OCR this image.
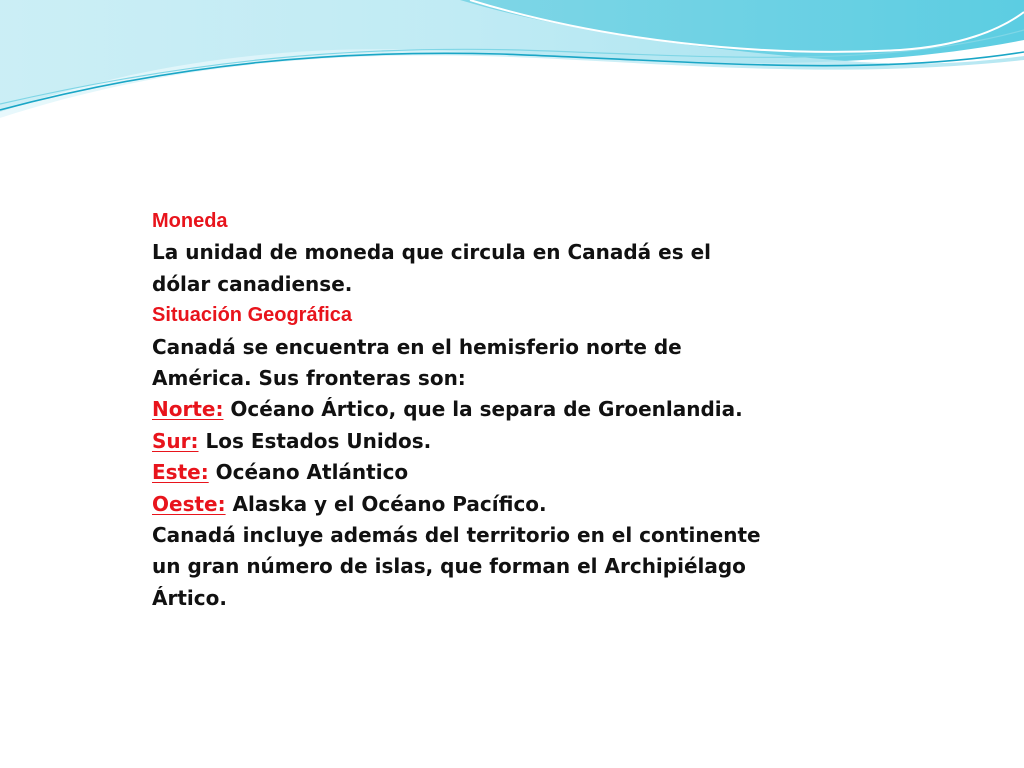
Moneda
La unidad de moneda que circula en Canadá es el
dólar canadiense.
Situación Geográfica
Canadá se encuentra en el hemisferio norte de
América. Sus fronteras son:
Norte: Océano Ártico, que la separa de Groenlandia.
Sur: Los Estados Unidos.
Este: Océano Atlántico
Oeste: Alaska y el Océano Pacífico.
Canadá incluye además del territorio en el continente
un gran número de islas, que forman el Archipiélago
Ártico.
